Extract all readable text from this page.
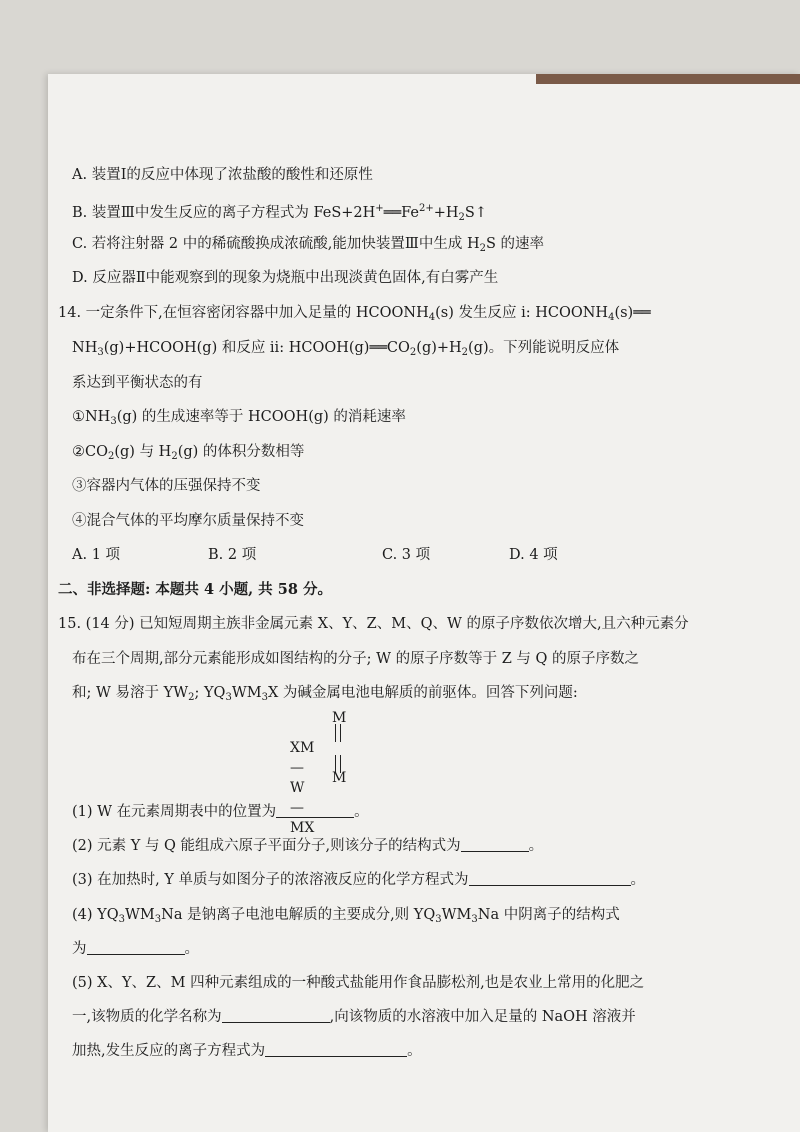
A. 装置Ⅰ的反应中体现了浓盐酸的酸性和还原性
B. 装置Ⅲ中发生反应的离子方程式为 $FeS+2H^+══Fe^{2+}+H_2S↑$
C. 若将注射器 2 中的稀硫酸换成浓硫酸,能加快装置Ⅲ中生成 $H_2S$ 的速率
D. 反应器Ⅱ中能观察到的现象为烧瓶中出现淡黄色固体,有白雾产生
14. 一定条件下,在恒容密闭容器中加入足量的 $HCOONH_4(s)$ 发生反应 ⅰ: $HCOONH_4(s)══$
$NH_3(g)+HCOOH(g)$ 和反应 ⅱ: $HCOOH(g)══CO_2(g)+H_2(g)$。下列能说明反应体
系达到平衡状态的有
$①NH_3(g)$ 的生成速率等于 HCOOH(g) 的消耗速率
$②CO_2(g)$ 与 $H_2(g)$ 的体积分数相等
③容器内气体的压强保持不变
④混合气体的平均摩尔质量保持不变
A. 1 项	B. 2 项	C. 3 项	D. 4 项
二、非选择题: 本题共 4 小题, 共 58 分。
15. (14 分) 已知短周期主族非金属元素 X、Y、Z、M、Q、W 的原子序数依次增大,且六种元素分
布在三个周期,部分元素能形成如图结构的分子; W 的原子序数等于 Z 与 Q 的原子序数之
和; W 易溶于 $YW_2$; $YQ_3WM_3X$ 为碱金属电池电解质的前驱体。回答下列问题:
M
XM—W—MX
M
(1) W 在元素周期表中的位置为	。
(2) 元素 Y 与 Q 能组成六原子平面分子,则该分子的结构式为	。
(3) 在加热时, Y 单质与如图分子的浓溶液反应的化学方程式为	。
(4) $YQ_3WM_3Na$ 是钠离子电池电解质的主要成分,则 $YQ_3WM_3Na$ 中阴离子的结构式
为	。
(5) X、Y、Z、M 四种元素组成的一种酸式盐能用作食品膨松剂,也是农业上常用的化肥之
一,该物质的化学名称为	,向该物质的水溶液中加入足量的 NaOH 溶液并
加热,发生反应的离子方程式为	。
